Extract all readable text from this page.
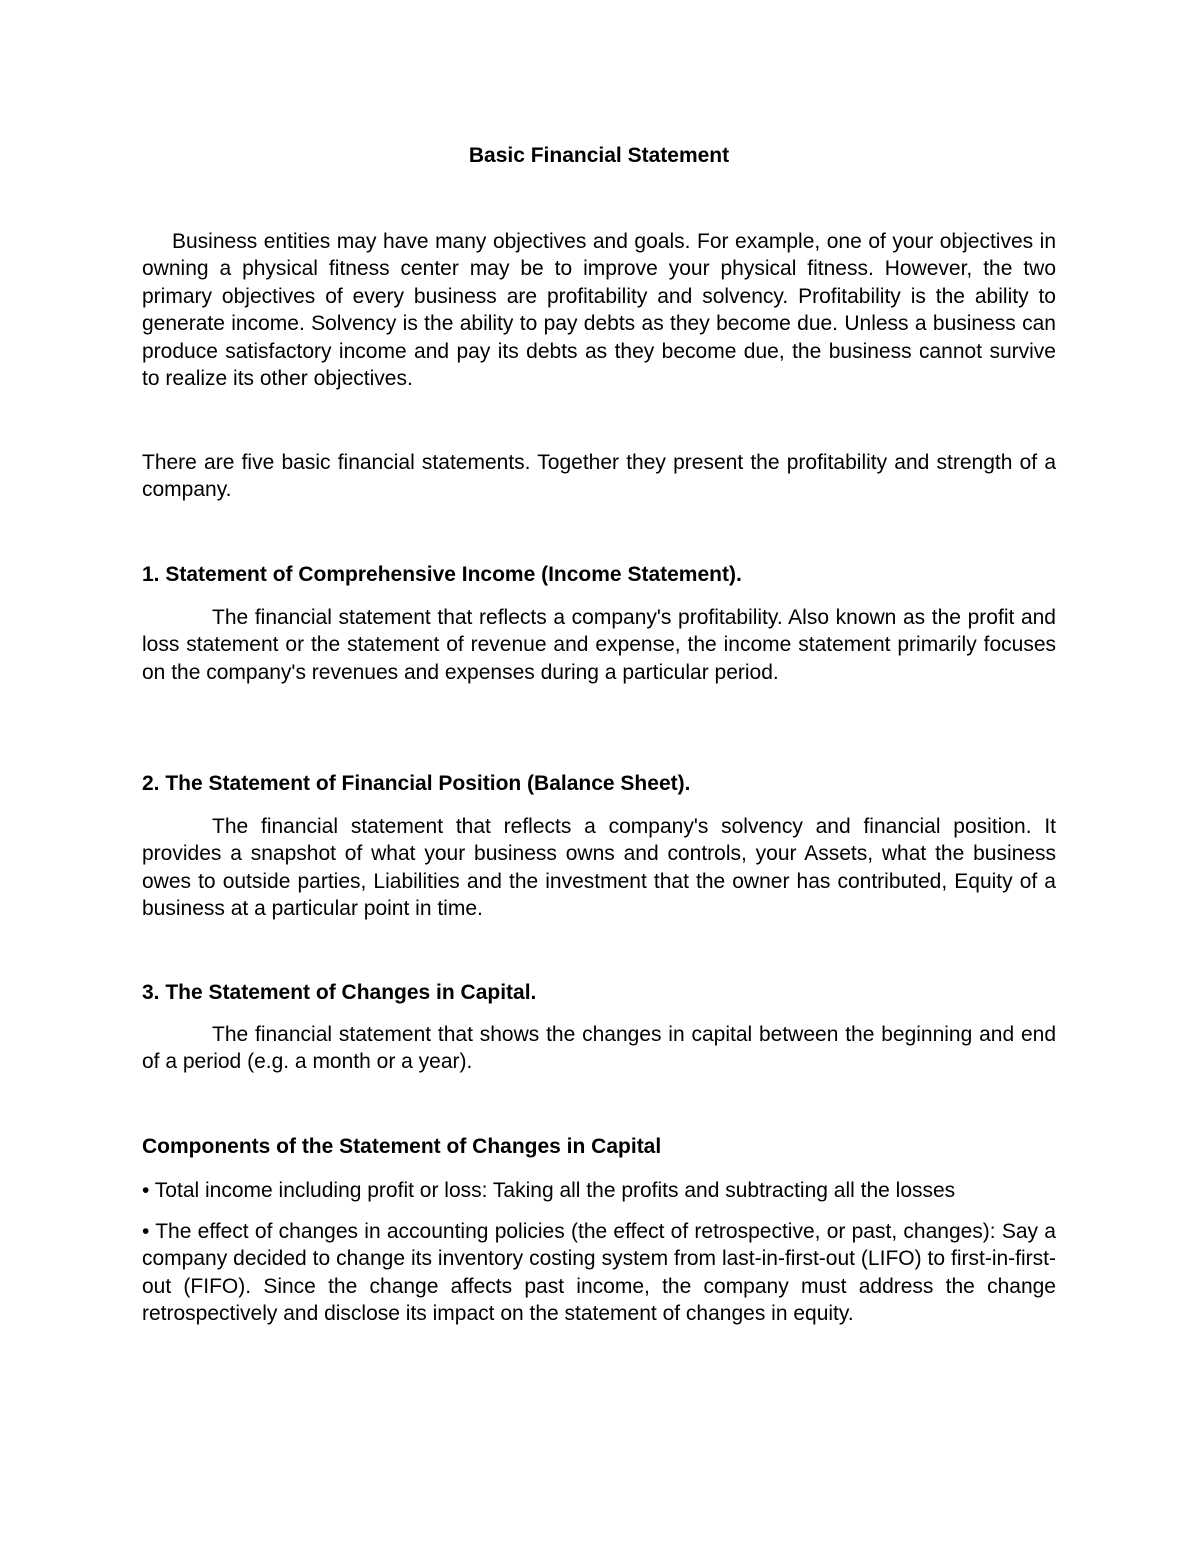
Basic Financial Statement

Business entities may have many objectives and goals. For example, one of your objectives in owning a physical fitness center may be to improve your physical fitness. However, the two primary objectives of every business are profitability and solvency. Profitability is the ability to generate income. Solvency is the ability to pay debts as they become due. Unless a business can produce satisfactory income and pay its debts as they become due, the business cannot survive to realize its other objectives.

There are five basic financial statements. Together they present the profitability and strength of a company.

1. Statement of Comprehensive Income (Income Statement).

The financial statement that reflects a company's profitability. Also known as the profit and loss statement or the statement of revenue and expense, the income statement primarily focuses on the company's revenues and expenses during a particular period.

2. The Statement of Financial Position (Balance Sheet).

The financial statement that reflects a company's solvency and financial position. It provides a snapshot of what your business owns and controls, your Assets, what the business owes to outside parties, Liabilities and the investment that the owner has contributed, Equity of a business at a particular point in time.

3. The Statement of Changes in Capital.

The financial statement that shows the changes in capital between the beginning and end of a period (e.g. a month or a year).

Components of the Statement of Changes in Capital

• Total income including profit or loss: Taking all the profits and subtracting all the losses

• The effect of changes in accounting policies (the effect of retrospective, or past, changes): Say a company decided to change its inventory costing system from last-in-first-out (LIFO) to first-in-first-out (FIFO). Since the change affects past income, the company must address the change retrospectively and disclose its impact on the statement of changes in equity.
